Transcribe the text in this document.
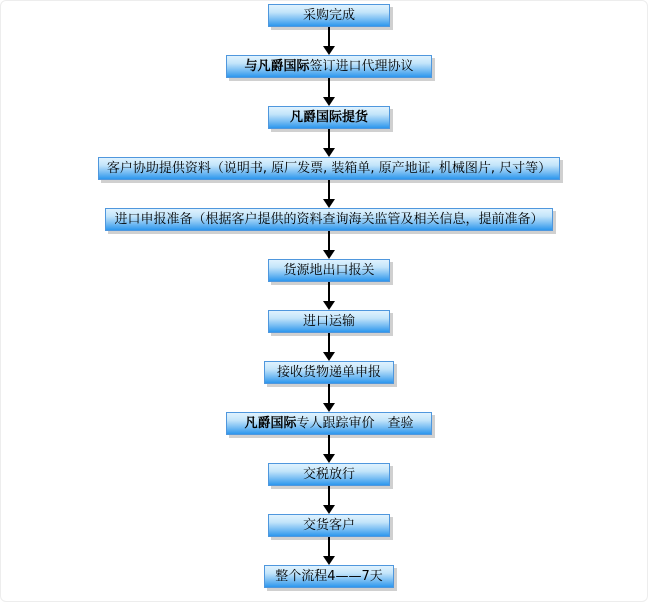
采购完成
与凡爵国际 签订进口代理协议
凡爵国际提货
客户协助提供资料（说明书, 原厂发票, 装箱单, 原产地证, 机械图片, 尺寸等）
进口申报准备（根据客户提供的资料查询海关监管及相关信息，提前准备）
货源地出口报关
进口运输
接收货物递单申报
凡爵国际 专人跟踪审价　查验
交税放行
交货客户
整个流程4——7天
